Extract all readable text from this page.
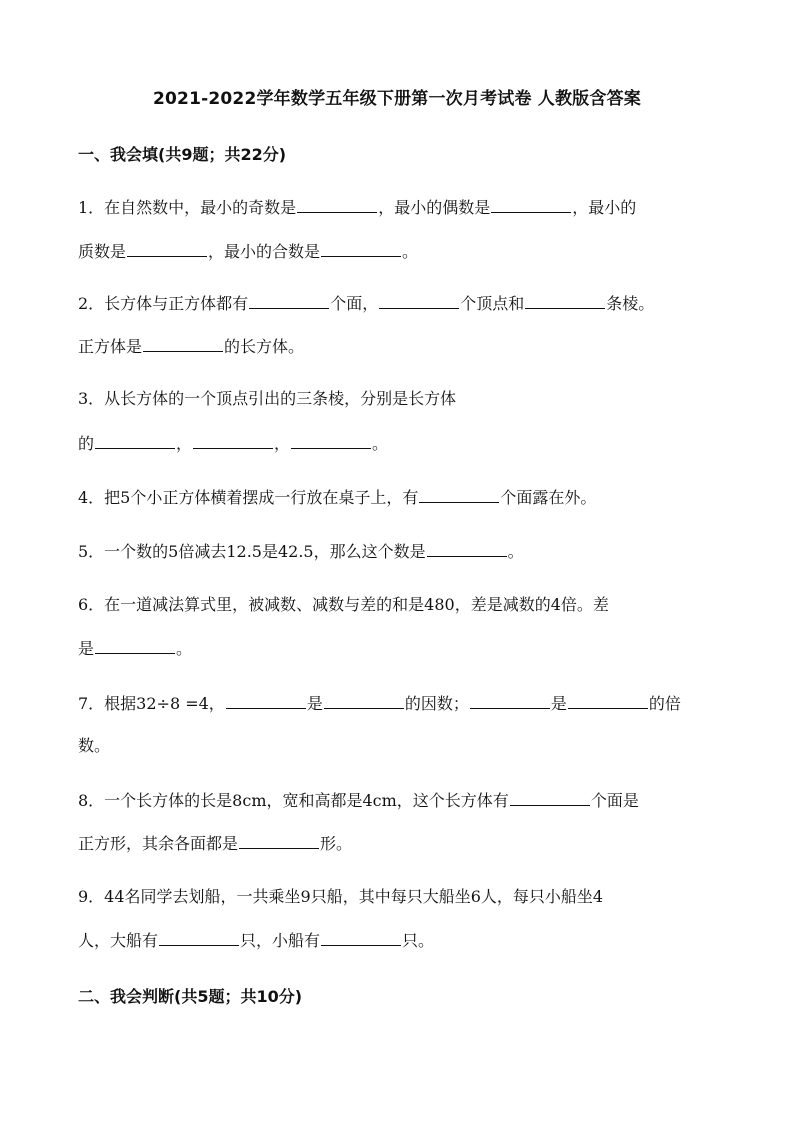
2021-2022学年数学五年级下册第一次月考试卷 人教版含答案
一、我会填(共9题；共22分)
1．在自然数中，最小的奇数是	，最小的偶数是	，最小的
质数是	，最小的合数是	。
2．长方体与正方体都有	个面，	个顶点和	条棱。
正方体是	的长方体。
3．从长方体的一个顶点引出的三条棱，分别是长方体
的	，	，	。
4．把5个小正方体横着摆成一行放在桌子上，有	个面露在外。
5．一个数的5倍减去12.5是42.5，那么这个数是	。
6．在一道减法算式里，被减数、减数与差的和是480，差是减数的4倍。差
是	。
7．根据32÷8 =4，	是	的因数；	是	的倍
数。
8．一个长方体的长是8cm，宽和高都是4cm，这个长方体有	个面是
正方形，其余各面都是	形。
9．44名同学去划船，一共乘坐9只船，其中每只大船坐6人，每只小船坐4
人，大船有	只，小船有	只。
二、我会判断(共5题；共10分)
